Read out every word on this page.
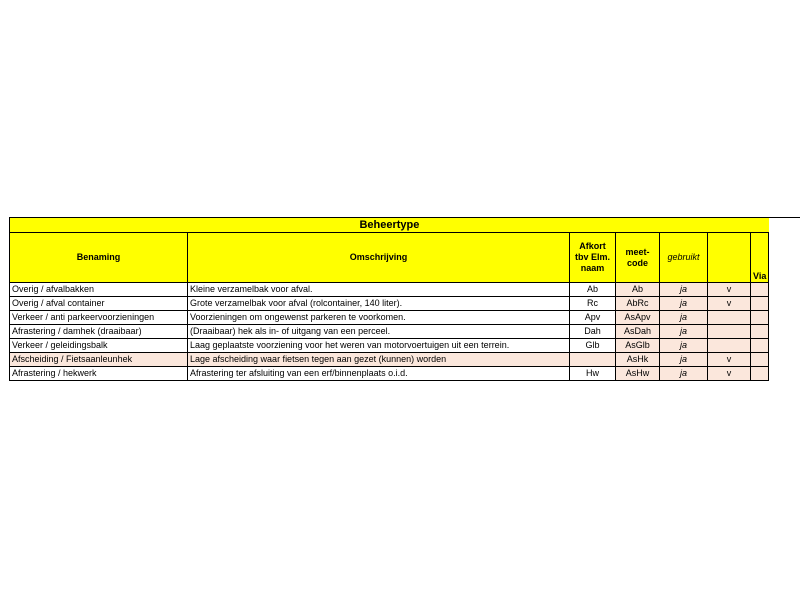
Beheertype							
Benaming	Omschrijving	Afkort tbv Elm. naam	meet-code	gebruikt		Via	
Overig / afvalbakken	Kleine verzamelbak voor afval.	Ab	Ab	ja	v		
Overig / afval container	Grote verzamelbak voor afval (rolcontainer, 140 liter).	Rc	AbRc	ja	v		
Verkeer / anti parkeervoorzieningen	Voorzieningen om ongewenst parkeren te voorkomen.	Apv	AsApv	ja			
Afrastering / damhek (draaibaar)	(Draaibaar) hek als in- of uitgang van een perceel.	Dah	AsDah	ja			
Verkeer / geleidingsbalk	Laag geplaatste voorziening voor het weren van motorvoertuigen uit een terrein.	Glb	AsGlb	ja			
Afscheiding / Fietsaanleunhek	Lage afscheiding waar fietsen tegen aan gezet (kunnen) worden		AsHk	ja	v		
Afrastering / hekwerk	Afrastering ter afsluiting van een erf/binnenplaats o.i.d.	Hw	AsHw	ja	v		
